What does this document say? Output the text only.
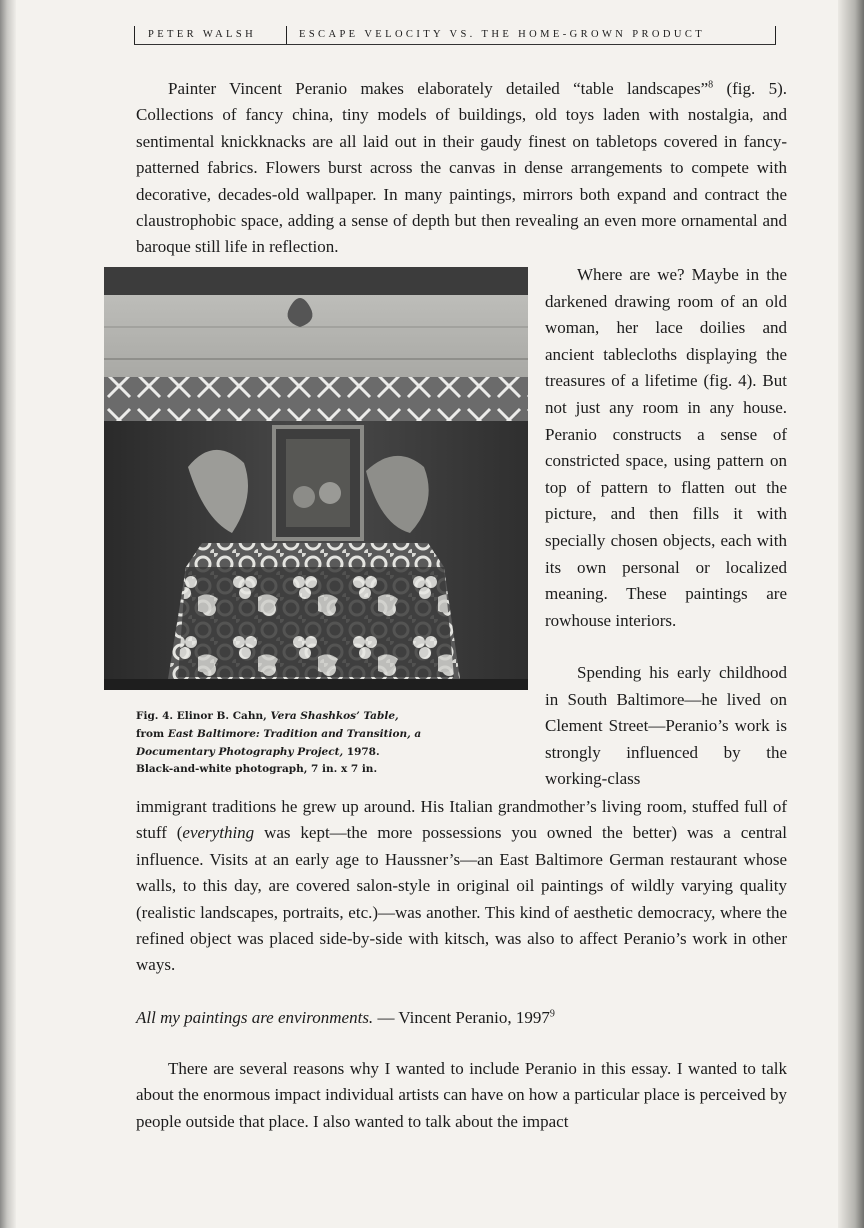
PETER WALSH	ESCAPE VELOCITY VS. THE HOME-GROWN PRODUCT

Painter Vincent Peranio makes elaborately detailed “table landscapes”$^8$ (fig. 5). Collections of fancy china, tiny models of buildings, old toys laden with nostalgia, and sentimental knickknacks are all laid out in their gaudy finest on tabletops covered in fancy-patterned fabrics. Flowers burst across the canvas in dense arrangements to compete with decorative, decades-old wallpaper. In many paintings, mirrors both expand and contract the claustrophobic space, adding a sense of depth but then revealing an even more ornamental and baroque still life in reflection.

Where are we? Maybe in the darkened drawing room of an old woman, her lace doilies and ancient tablecloths displaying the treasures of a lifetime (fig. 4). But not just any room in any house. Peranio constructs a sense of constricted space, using pattern on top of pattern to flatten out the picture, and then fills it with specially chosen objects, each with its own personal or localized meaning. These paintings are rowhouse interiors.

Spending his early childhood in South Baltimore—he lived on Clement Street—Peranio’s work is strongly influenced by the working-class

Fig. 4. Elinor B. Cahn, Vera Shashkos’ Table,
from East Baltimore: Tradition and Transition, a Documentary Photography Project, 1978.
Black-and-white photograph, 7 in. x 7 in.

immigrant traditions he grew up around. His Italian grandmother’s living room, stuffed full of stuff (everything was kept—the more possessions you owned the better) was a central influence. Visits at an early age to Haussner’s—an East Baltimore German restaurant whose walls, to this day, are covered salon-style in original oil paintings of wildly varying quality (realistic landscapes, portraits, etc.)—was another. This kind of aesthetic democracy, where the refined object was placed side-by-side with kitsch, was also to affect Peranio’s work in other ways.

All my paintings are environments. — Vincent Peranio, 1997$^9$

There are several reasons why I wanted to include Peranio in this essay. I wanted to talk about the enormous impact individual artists can have on how a particular place is perceived by people outside that place. I also wanted to talk about the impact
